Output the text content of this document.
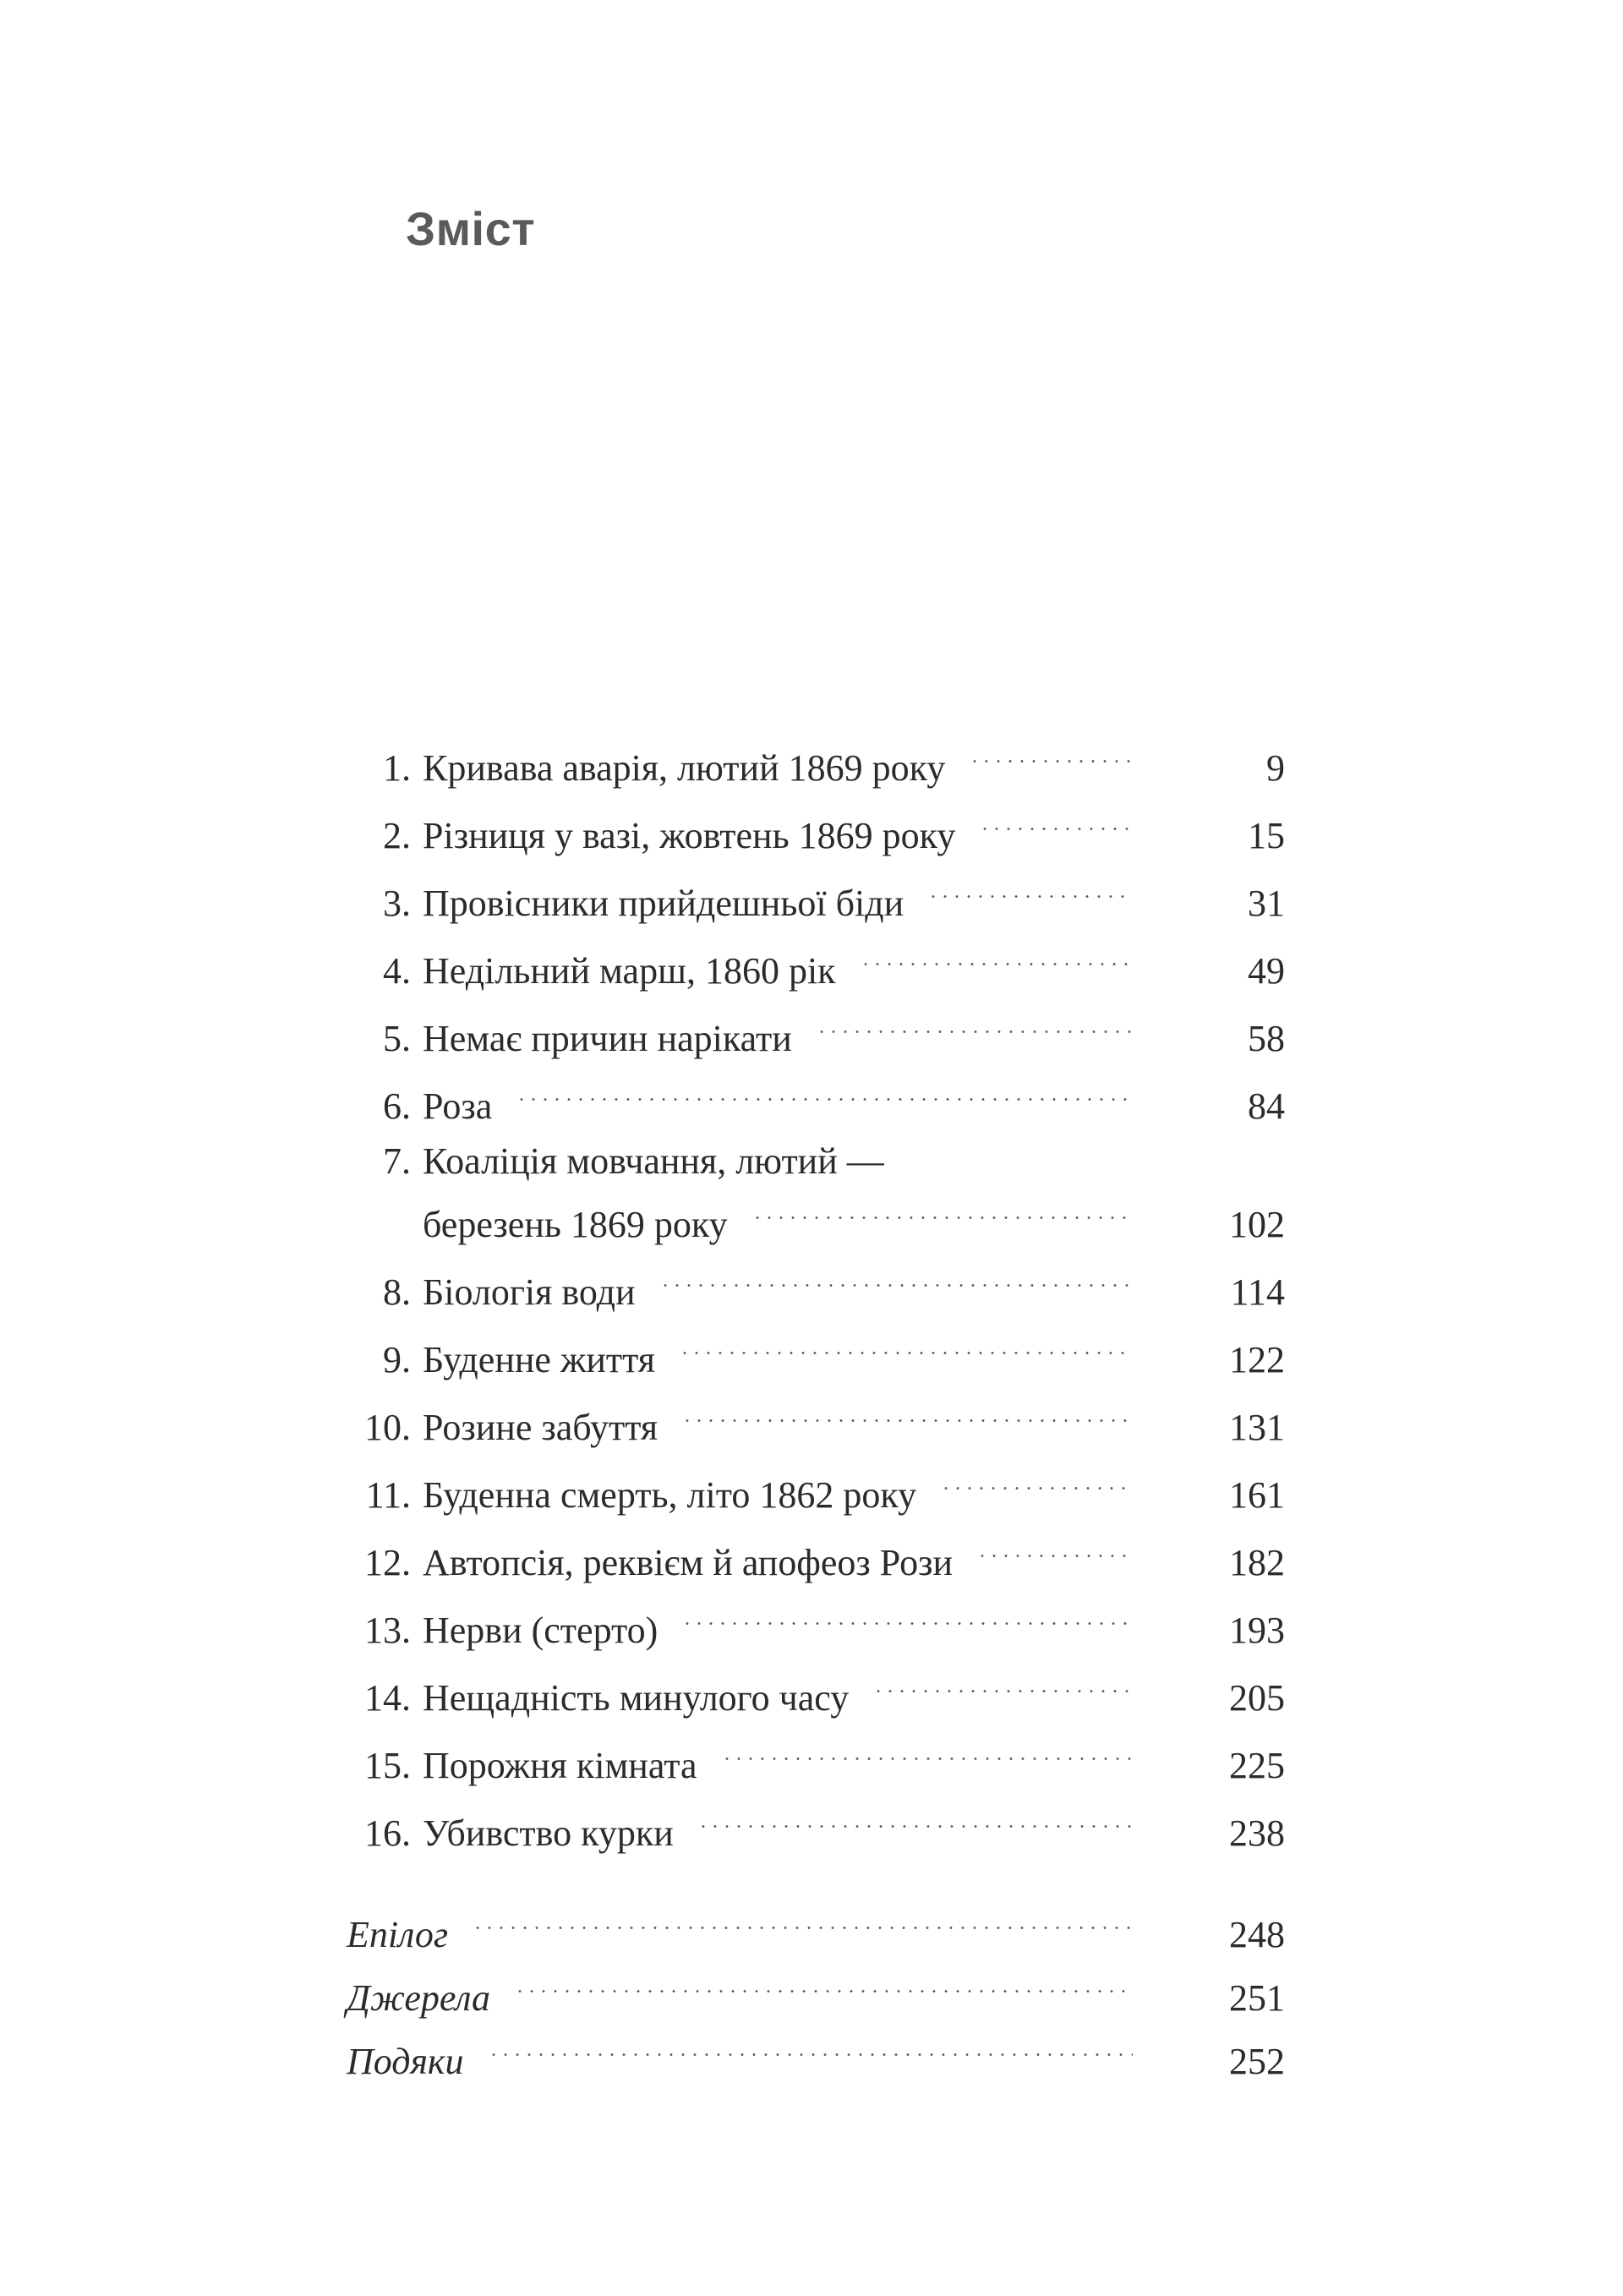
Зміст
1. Кривава аварія, лютий 1869 року	9
2. Різниця у вазі, жовтень 1869 року	15
3. Провісники прийдешньої біди	31
4. Недільний марш, 1860 рік	49
5. Немає причин нарікати	58
6. Роза	84
7. Коаліція мовчання, лютий —
березень 1869 року	102
8. Біологія води	114
9. Буденне життя	122
10. Розине забуття	131
11. Буденна смерть, літо 1862 року	161
12. Автопсія, реквієм й апофеоз Рози	182
13. Нерви (стерто)	193
14. Нещадність минулого часу	205
15. Порожня кімната	225
16. Убивство курки	238
Епілог	248
Джерела	251
Подяки	252
